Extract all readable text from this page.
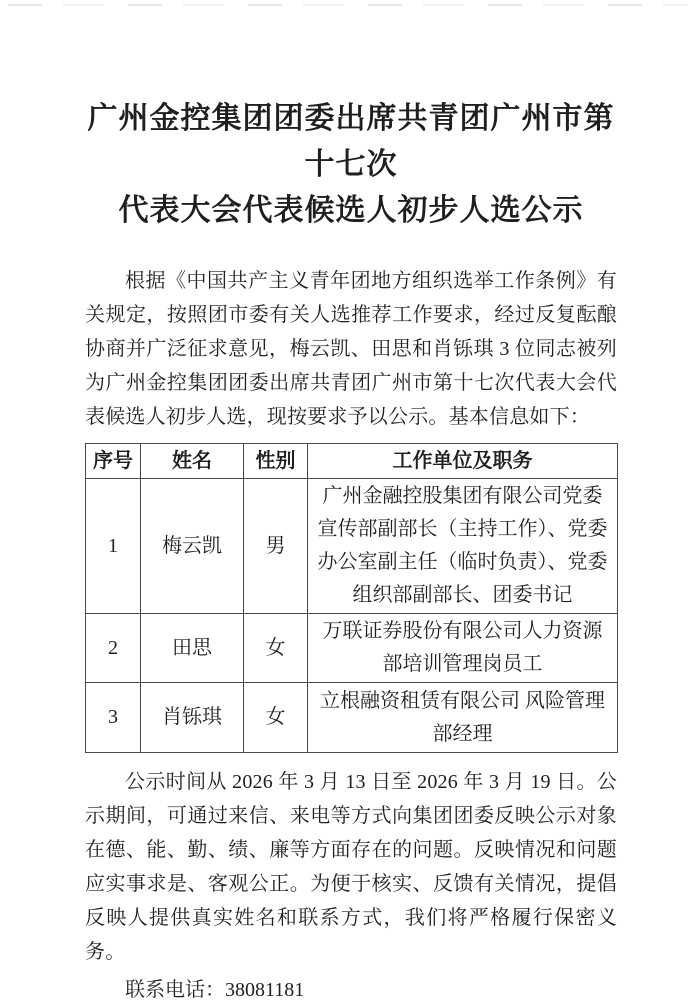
广州金控集团团委出席共青团广州市第十七次
代表大会代表候选人初步人选公示

根据《中国共产主义青年团地方组织选举工作条例》有关规定，按照团市委有关人选推荐工作要求，经过反复酝酿协商并广泛征求意见，梅云凯、田思和肖铄琪 3 位同志被列为广州金控集团团委出席共青团广州市第十七次代表大会代表候选人初步人选，现按要求予以公示。基本信息如下：

序号	姓名	性别	工作单位及职务
1	梅云凯	男	广州金融控股集团有限公司党委宣传部副部长（主持工作）、党委办公室副主任（临时负责）、党委组织部副部长、团委书记
2	田思	女	万联证券股份有限公司人力资源部培训管理岗员工
3	肖铄琪	女	立根融资租赁有限公司 风险管理部经理

公示时间从 2026 年 3 月 13 日至 2026 年 3 月 19 日。公示期间，可通过来信、来电等方式向集团团委反映公示对象在德、能、勤、绩、廉等方面存在的问题。反映情况和问题应实事求是、客观公正。为便于核实、反馈有关情况，提倡反映人提供真实姓名和联系方式，我们将严格履行保密义务。

联系电话：38081181
